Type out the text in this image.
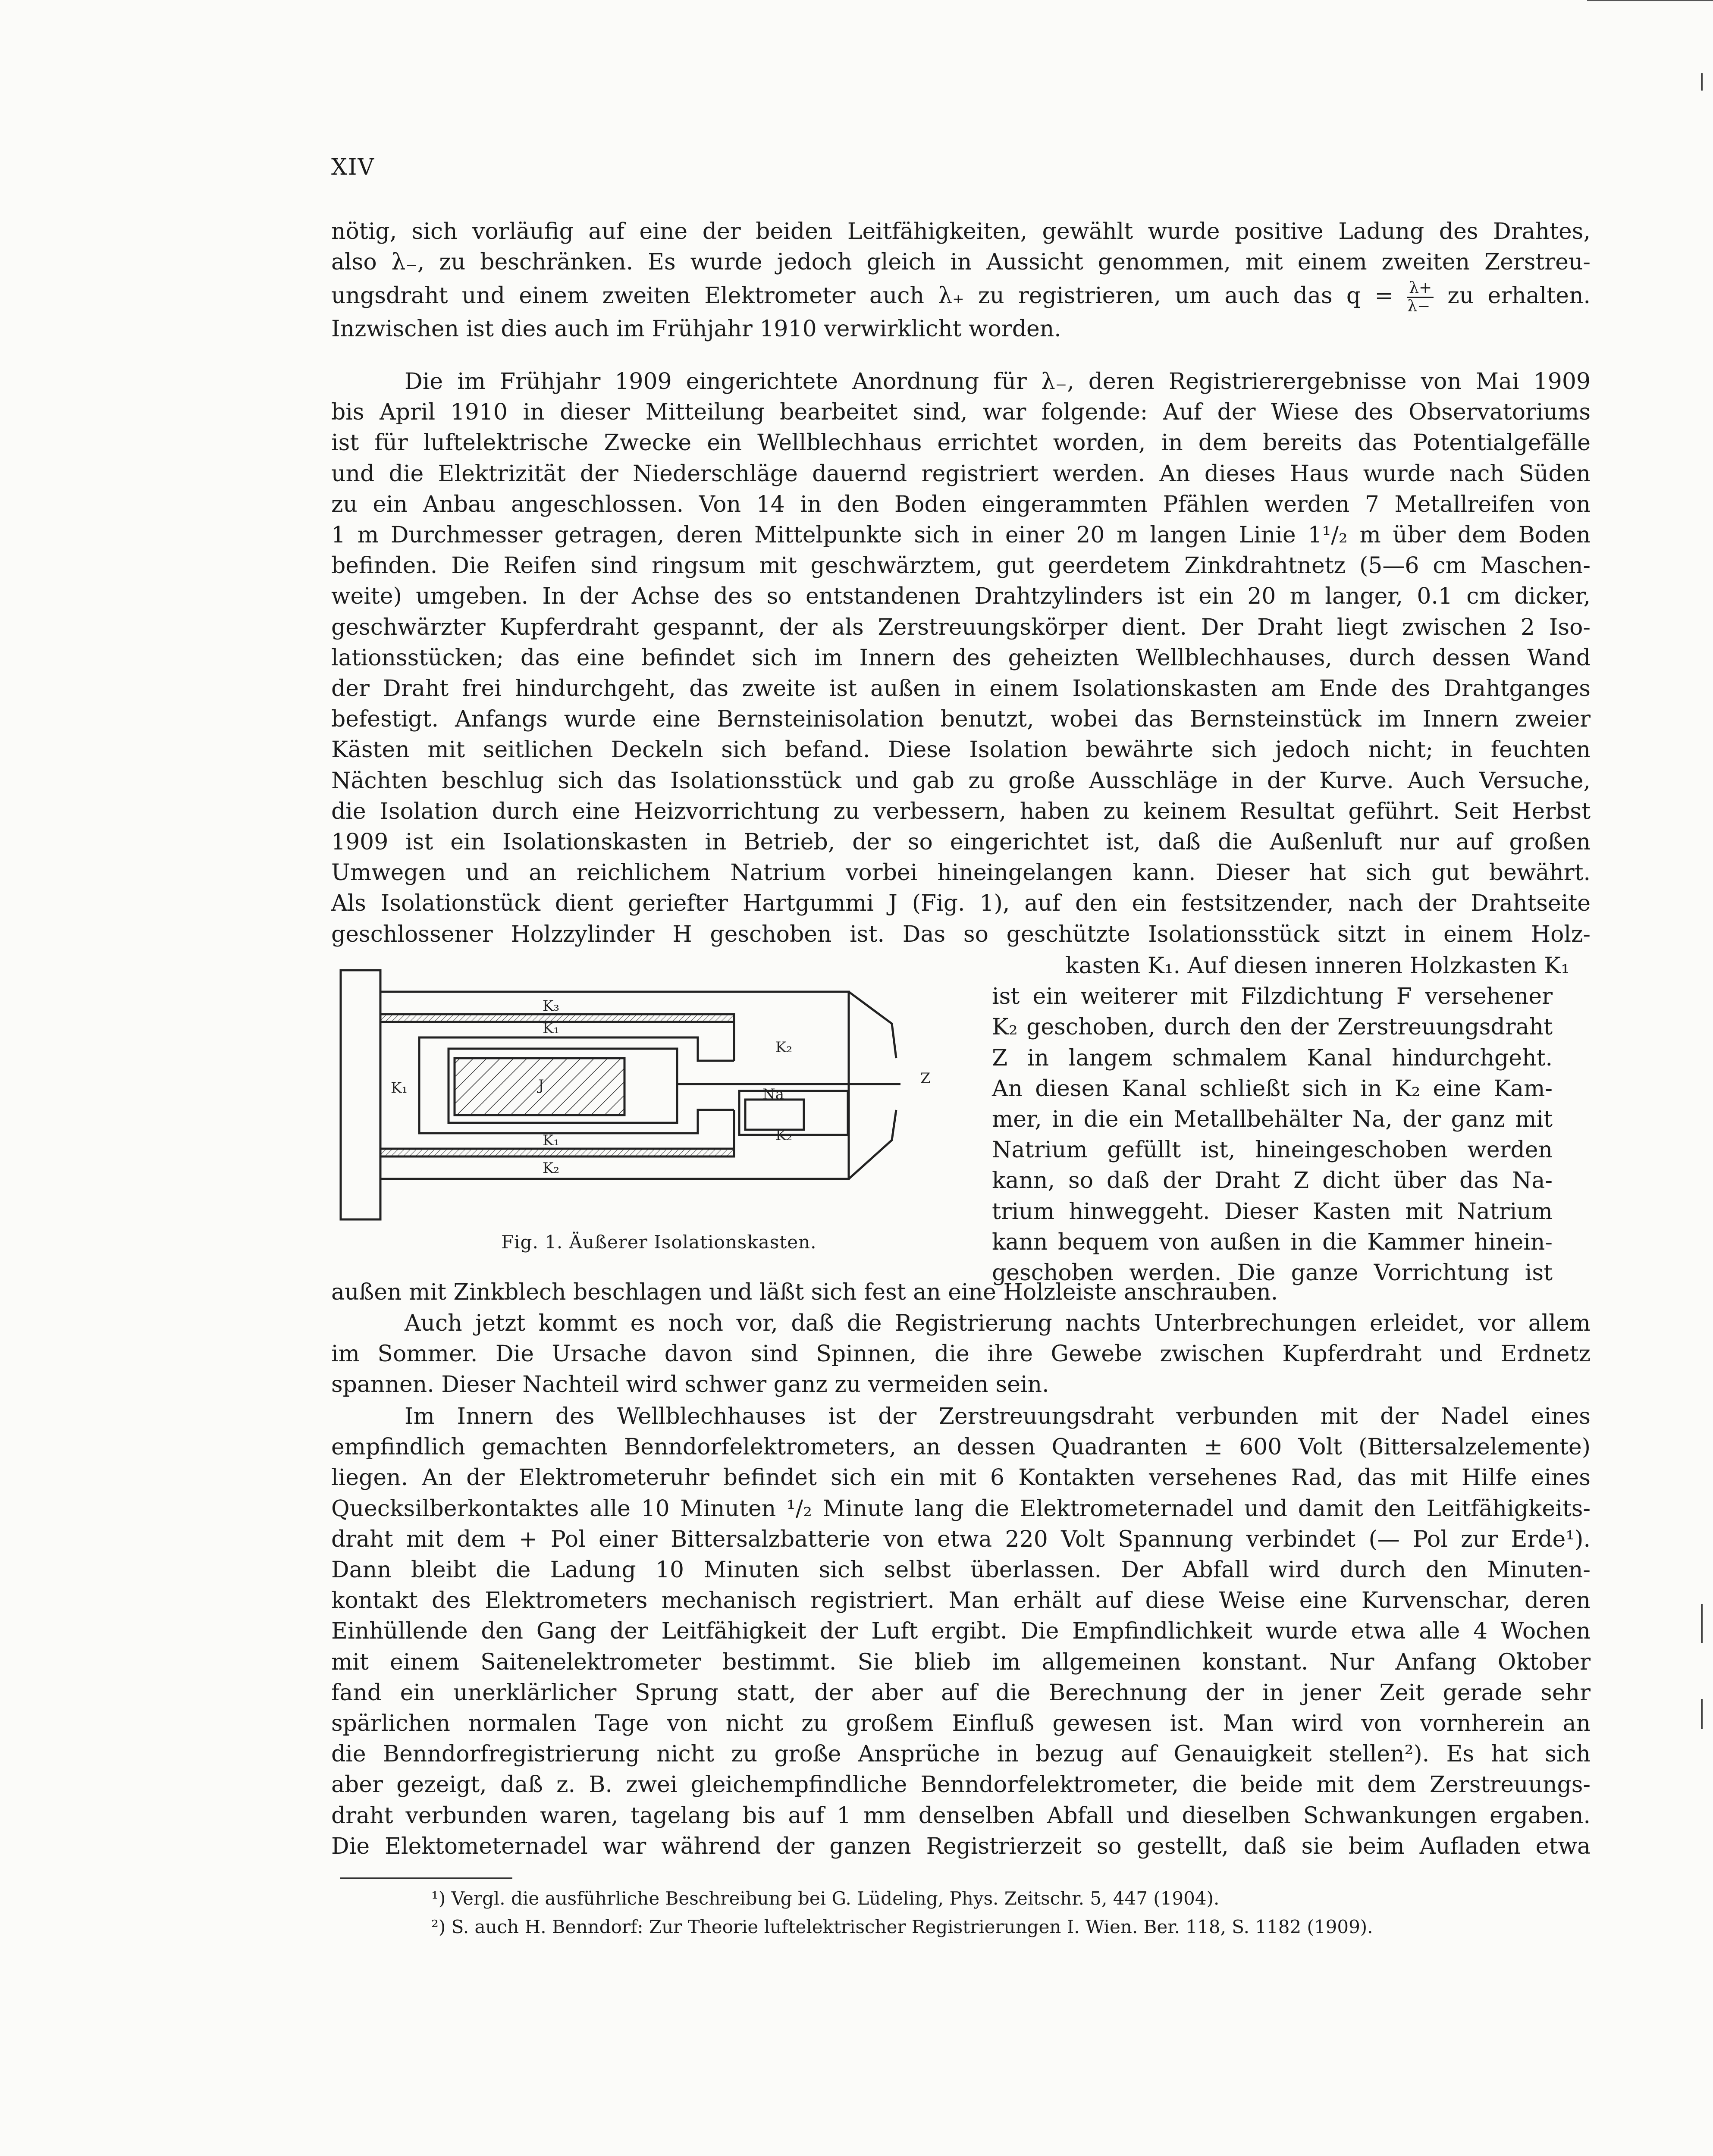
XIV
nötig, sich vorläufig auf eine der beiden Leitfähigkeiten, gewählt wurde positive Ladung des Drahtes,
also λ₋, zu beschränken. Es wurde jedoch gleich in Aussicht genommen, mit einem zweiten Zerstreu-
ungsdraht und einem zweiten Elektrometer auch λ₊ zu registrieren, um auch das $q = \frac{\lambda+}{\lambda-}$ zu erhalten.
Inzwischen ist dies auch im Frühjahr 1910 verwirklicht worden.
Die im Frühjahr 1909 eingerichtete Anordnung für λ₋, deren Registrierergebnisse von Mai 1909
bis April 1910 in dieser Mitteilung bearbeitet sind, war folgende: Auf der Wiese des Observatoriums
ist für luftelektrische Zwecke ein Wellblechhaus errichtet worden, in dem bereits das Potentialgefälle
und die Elektrizität der Niederschläge dauernd registriert werden. An dieses Haus wurde nach Süden
zu ein Anbau angeschlossen. Von 14 in den Boden eingerammten Pfählen werden 7 Metallreifen von
1 m Durchmesser getragen, deren Mittelpunkte sich in einer 20 m langen Linie 1¹/₂ m über dem Boden
befinden. Die Reifen sind ringsum mit geschwärztem, gut geerdetem Zinkdrahtnetz (5—6 cm Maschen-
weite) umgeben. In der Achse des so entstandenen Drahtzylinders ist ein 20 m langer, 0.1 cm dicker,
geschwärzter Kupferdraht gespannt, der als Zerstreuungskörper dient. Der Draht liegt zwischen 2 Iso-
lationsstücken; das eine befindet sich im Innern des geheizten Wellblechhauses, durch dessen Wand
der Draht frei hindurchgeht, das zweite ist außen in einem Isolationskasten am Ende des Drahtganges
befestigt. Anfangs wurde eine Bernsteinisolation benutzt, wobei das Bernsteinstück im Innern zweier
Kästen mit seitlichen Deckeln sich befand. Diese Isolation bewährte sich jedoch nicht; in feuchten
Nächten beschlug sich das Isolationsstück und gab zu große Ausschläge in der Kurve. Auch Versuche,
die Isolation durch eine Heizvorrichtung zu verbessern, haben zu keinem Resultat geführt. Seit Herbst
1909 ist ein Isolationskasten in Betrieb, der so eingerichtet ist, daß die Außenluft nur auf großen
Umwegen und an reichlichem Natrium vorbei hineingelangen kann. Dieser hat sich gut bewährt.
Als Isolationstück dient geriefter Hartgummi J (Fig. 1), auf den ein festsitzender, nach der Drahtseite
geschlossener Holzzylinder H geschoben ist. Das so geschützte Isolationsstück sitzt in einem Holz-
kasten K₁. Auf diesen inneren Holzkasten K₁
ist ein weiterer mit Filzdichtung F versehener
K₂ geschoben, durch den der Zerstreuungsdraht
Z in langem schmalem Kanal hindurchgeht.
An diesen Kanal schließt sich in K₂ eine Kam-
mer, in die ein Metallbehälter Na, der ganz mit
Natrium gefüllt ist, hineingeschoben werden
kann, so daß der Draht Z dicht über das Na-
trium hinweggeht. Dieser Kasten mit Natrium
kann bequem von außen in die Kammer hinein-
geschoben werden. Die ganze Vorrichtung ist
K₃
K₁
K₂
K₁	J	Z
Na
K₁	K₂
K₂
Fig. 1. Äußerer Isolationskasten.
außen mit Zinkblech beschlagen und läßt sich fest an eine Holzleiste anschrauben.
Auch jetzt kommt es noch vor, daß die Registrierung nachts Unterbrechungen erleidet, vor allem
im Sommer. Die Ursache davon sind Spinnen, die ihre Gewebe zwischen Kupferdraht und Erdnetz
spannen. Dieser Nachteil wird schwer ganz zu vermeiden sein.
Im Innern des Wellblechhauses ist der Zerstreuungsdraht verbunden mit der Nadel eines
empfindlich gemachten Benndorfelektrometers, an dessen Quadranten ± 600 Volt (Bittersalzelemente)
liegen. An der Elektrometeruhr befindet sich ein mit 6 Kontakten versehenes Rad, das mit Hilfe eines
Quecksilberkontaktes alle 10 Minuten ¹/₂ Minute lang die Elektrometernadel und damit den Leitfähigkeits-
draht mit dem + Pol einer Bittersalzbatterie von etwa 220 Volt Spannung verbindet (— Pol zur Erde¹).
Dann bleibt die Ladung 10 Minuten sich selbst überlassen. Der Abfall wird durch den Minuten-
kontakt des Elektrometers mechanisch registriert. Man erhält auf diese Weise eine Kurvenschar, deren
Einhüllende den Gang der Leitfähigkeit der Luft ergibt. Die Empfindlichkeit wurde etwa alle 4 Wochen
mit einem Saitenelektrometer bestimmt. Sie blieb im allgemeinen konstant. Nur Anfang Oktober
fand ein unerklärlicher Sprung statt, der aber auf die Berechnung der in jener Zeit gerade sehr
spärlichen normalen Tage von nicht zu großem Einfluß gewesen ist. Man wird von vornherein an
die Benndorfregistrierung nicht zu große Ansprüche in bezug auf Genauigkeit stellen²). Es hat sich
aber gezeigt, daß z. B. zwei gleichempfindliche Benndorfelektrometer, die beide mit dem Zerstreuungs-
draht verbunden waren, tagelang bis auf 1 mm denselben Abfall und dieselben Schwankungen ergaben.
Die Elektometernadel war während der ganzen Registrierzeit so gestellt, daß sie beim Aufladen etwa
¹) Vergl. die ausführliche Beschreibung bei G. Lüdeling, Phys. Zeitschr. 5, 447 (1904).
²) S. auch H. Benndorf: Zur Theorie luftelektrischer Registrierungen I. Wien. Ber. 118, S. 1182 (1909).
